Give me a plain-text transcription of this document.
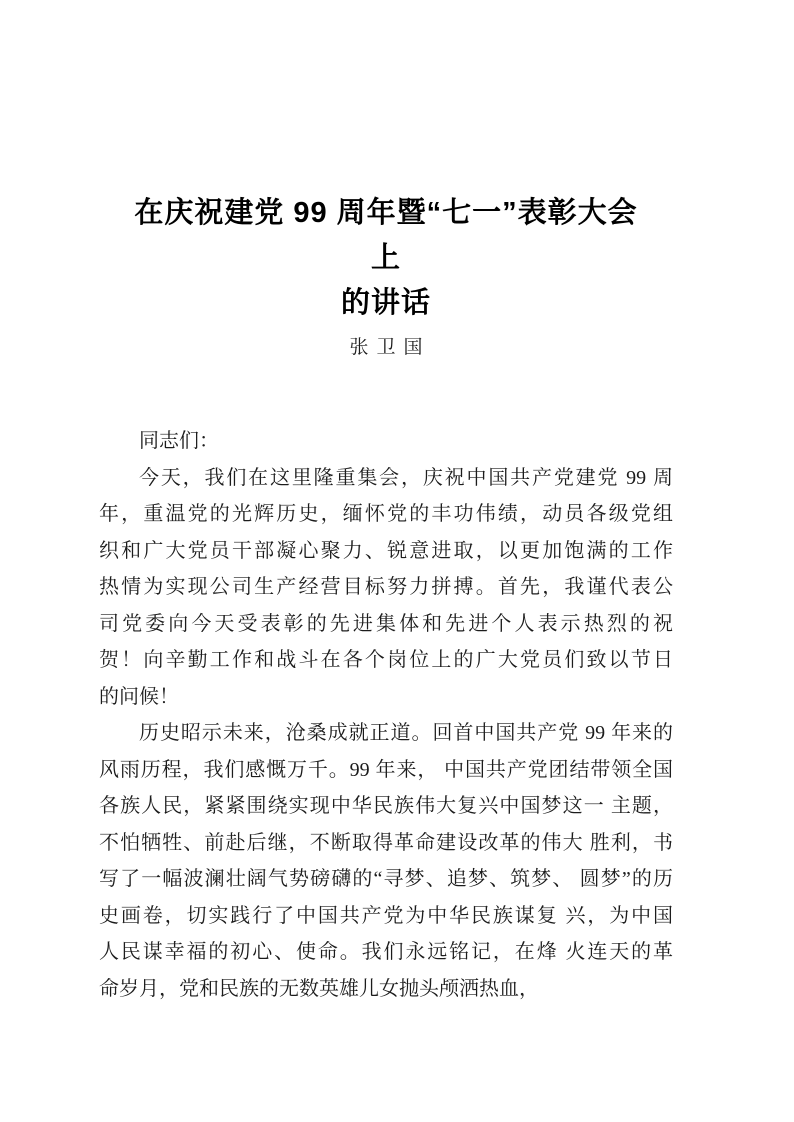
在庆祝建党 99 周年暨“七一”表彰大会
上
的讲话
张卫国
同志们：
今天，我们在这里隆重集会，庆祝中国共产党建党 99 周
年，重温党的光辉历史，缅怀党的丰功伟绩，动员各级党组
织和广大党员干部凝心聚力、锐意进取，以更加饱满的工作
热情为实现公司生产经营目标努力拼搏。首先，我谨代表公
司党委向今天受表彰的先进集体和先进个人表示热烈的祝
贺！向辛勤工作和战斗在各个岗位上的广大党员们致以节日
的问候！
历史昭示未来，沧桑成就正道。回首中国共产党 99 年来的
风雨历程，我们感慨万千。99 年来， 中国共产党团结带领全国
各族人民，紧紧围绕实现中华民族伟大复兴中国梦这一 主题，
不怕牺牲、前赴后继，不断取得革命建设改革的伟大 胜利，书
写了一幅波澜壮阔气势磅礴的“寻梦、追梦、筑梦、 圆梦”的历
史画卷，切实践行了中国共产党为中华民族谋复 兴，为中国
人民谋幸福的初心、使命。我们永远铭记，在烽 火连天的革
命岁月，党和民族的无数英雄儿女抛头颅洒热血，
